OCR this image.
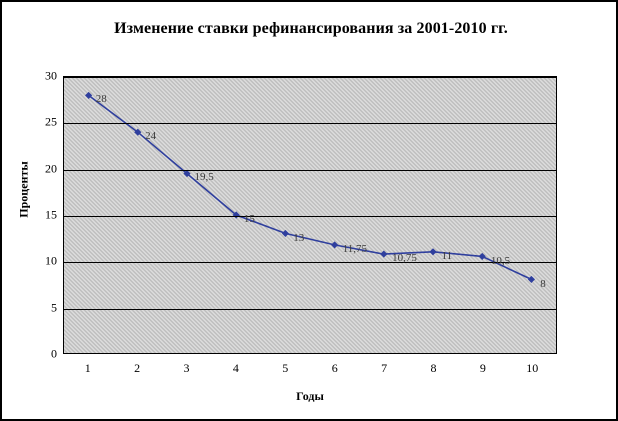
Изменение ставки рефинансирования за 2001-2010 гг.
Проценты
0
5
10
15
20
25
30
28
24
19,5
15
13
11,75
10,75 11	10,5
8
1	2	3	4	5	6	7	8	9	10
Годы
